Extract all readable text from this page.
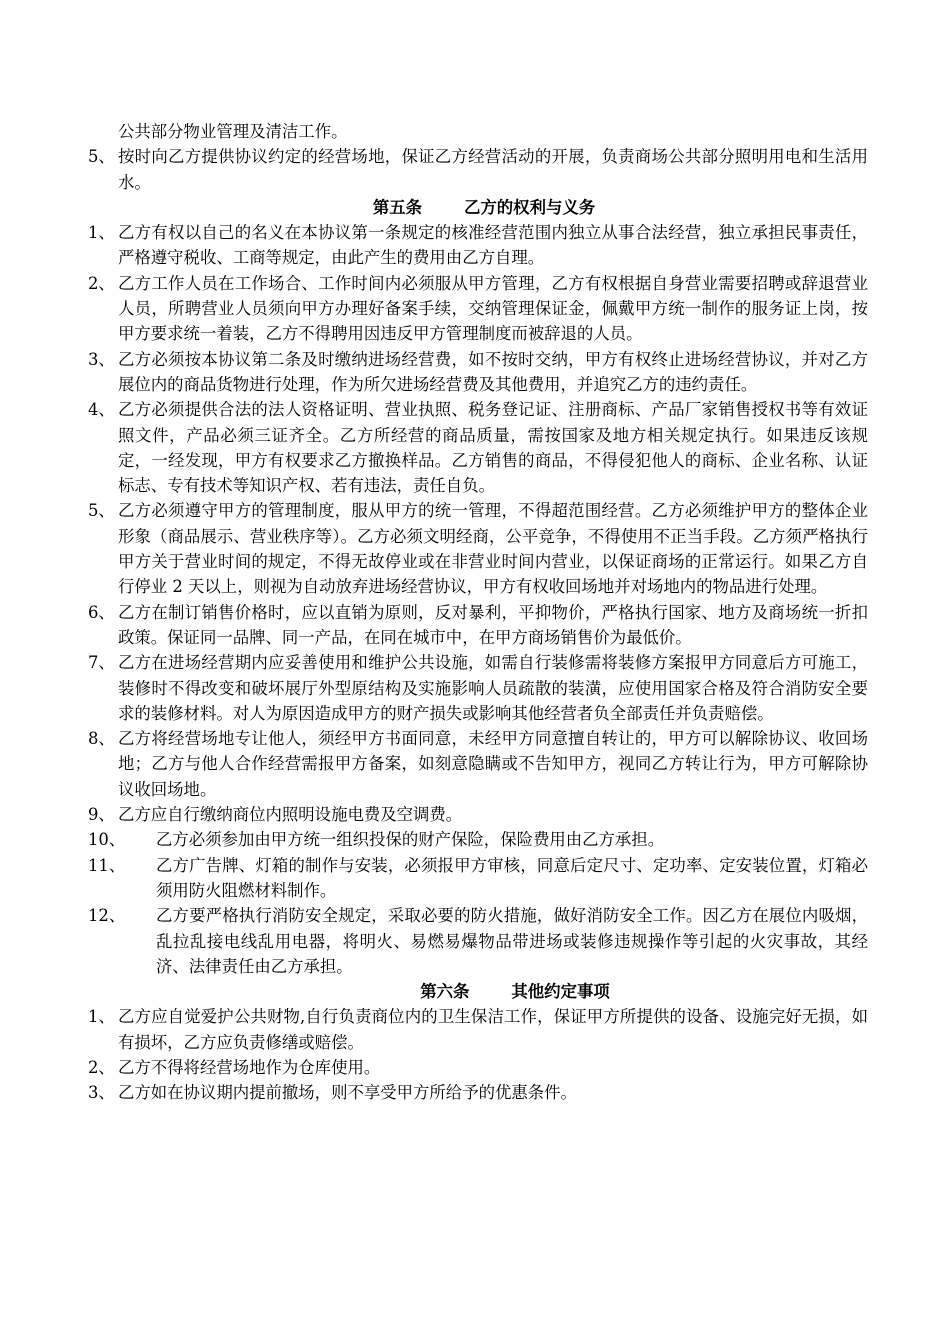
公共部分物业管理及清洁工作。
5、 按时向乙方提供协议约定的经营场地，保证乙方经营活动的开展，负责商场公共部分照明用电和生活用水。
第五条	乙方的权利与义务
1、 乙方有权以自己的名义在本协议第一条规定的核准经营范围内独立从事合法经营，独立承担民事责任，严格遵守税收、工商等规定，由此产生的费用由乙方自理。
2、 乙方工作人员在工作场合、工作时间内必须服从甲方管理，乙方有权根据自身营业需要招聘或辞退营业人员，所聘营业人员须向甲方办理好备案手续，交纳管理保证金，佩戴甲方统一制作的服务证上岗，按甲方要求统一着装，乙方不得聘用因违反甲方管理制度而被辞退的人员。
3、 乙方必须按本协议第二条及时缴纳进场经营费，如不按时交纳，甲方有权终止进场经营协议，并对乙方展位内的商品货物进行处理，作为所欠进场经营费及其他费用，并追究乙方的违约责任。
4、 乙方必须提供合法的法人资格证明、营业执照、税务登记证、注册商标、产品厂家销售授权书等有效证照文件，产品必须三证齐全。乙方所经营的商品质量，需按国家及地方相关规定执行。如果违反该规定，一经发现，甲方有权要求乙方撤换样品。乙方销售的商品，不得侵犯他人的商标、企业名称、认证标志、专有技术等知识产权、若有违法，责任自负。
5、 乙方必须遵守甲方的管理制度，服从甲方的统一管理，不得超范围经营。乙方必须维护甲方的整体企业形象（商品展示、营业秩序等）。乙方必须文明经商，公平竞争，不得使用不正当手段。乙方须严格执行甲方关于营业时间的规定，不得无故停业或在非营业时间内营业，以保证商场的正常运行。如果乙方自行停业 2 天以上，则视为自动放弃进场经营协议，甲方有权收回场地并对场地内的物品进行处理。
6、 乙方在制订销售价格时，应以直销为原则，反对暴利，平抑物价，严格执行国家、地方及商场统一折扣政策。保证同一品牌、同一产品，在同在城市中，在甲方商场销售价为最低价。
7、 乙方在进场经营期内应妥善使用和维护公共设施，如需自行装修需将装修方案报甲方同意后方可施工，装修时不得改变和破坏展厅外型原结构及实施影响人员疏散的装潢，应使用国家合格及符合消防安全要求的装修材料。对人为原因造成甲方的财产损失或影响其他经营者负全部责任并负责赔偿。
8、 乙方将经营场地专让他人，须经甲方书面同意，未经甲方同意擅自转让的，甲方可以解除协议、收回场地；乙方与他人合作经营需报甲方备案，如刻意隐瞒或不告知甲方，视同乙方转让行为，甲方可解除协议收回场地。
9、 乙方应自行缴纳商位内照明设施电费及空调费。
10、	乙方必须参加由甲方统一组织投保的财产保险，保险费用由乙方承担。
11、	乙方广告牌、灯箱的制作与安装，必须报甲方审核，同意后定尺寸、定功率、定安装位置，灯箱必须用防火阻燃材料制作。
12、	乙方要严格执行消防安全规定，采取必要的防火措施，做好消防安全工作。因乙方在展位内吸烟，乱拉乱接电线乱用电器，将明火、易燃易爆物品带进场或装修违规操作等引起的火灾事故，其经济、法律责任由乙方承担。
第六条	其他约定事项
1、 乙方应自觉爱护公共财物,自行负责商位内的卫生保洁工作，保证甲方所提供的设备、设施完好无损，如有损坏，乙方应负责修缮或赔偿。
2、 乙方不得将经营场地作为仓库使用。
3、 乙方如在协议期内提前撤场，则不享受甲方所给予的优惠条件。
